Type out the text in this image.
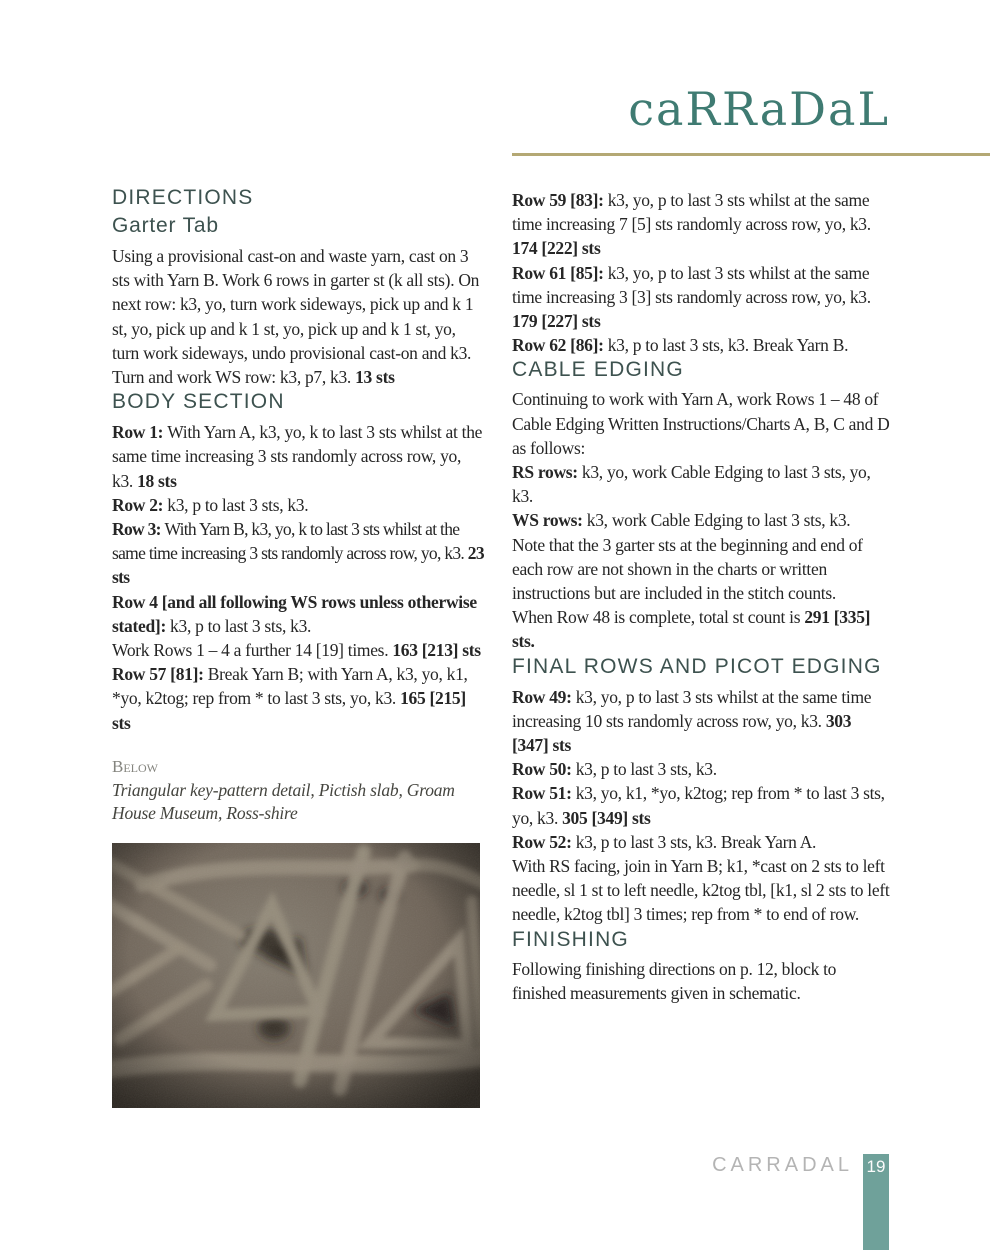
caRRaDaL
DIRECTIONS
Garter Tab

Using a provisional cast-on and waste yarn, cast on 3 sts with Yarn B. Work 6 rows in garter st (k all sts). On next row: k3, yo, turn work sideways, pick up and k 1 st, yo, pick up and k 1 st, yo, pick up and k 1 st, yo, turn work sideways, undo provisional cast-on and k3. Turn and work WS row: k3, p7, k3. 13 sts

BODY SECTION

Row 1: With Yarn A, k3, yo, k to last 3 sts whilst at the same time increasing 3 sts randomly across row, yo, k3. 18 sts

Row 2: k3, p to last 3 sts, k3.

Row 3: With Yarn B, k3, yo, k to last 3 sts whilst at the same time increasing 3 sts randomly across row, yo, k3. 23 sts

Row 4 [and all following WS rows unless otherwise stated]: k3, p to last 3 sts, k3.

Work Rows 1 – 4 a further 14 [19] times. 163 [213] sts

Row 57 [81]: Break Yarn B; with Yarn A, k3, yo, k1, *yo, k2tog; rep from * to last 3 sts, yo, k3. 165 [215] sts

Below

Triangular key-pattern detail, Pictish slab, Groam House Museum, Ross-shire

Row 59 [83]: k3, yo, p to last 3 sts whilst at the same time increasing 7 [5] sts randomly across row, yo, k3. 174 [222] sts

Row 61 [85]: k3, yo, p to last 3 sts whilst at the same time increasing 3 [3] sts randomly across row, yo, k3. 179 [227] sts

Row 62 [86]: k3, p to last 3 sts, k3. Break Yarn B.

CABLE EDGING

Continuing to work with Yarn A, work Rows 1 – 48 of Cable Edging Written Instructions/Charts A, B, C and D as follows:

RS rows: k3, yo, work Cable Edging to last 3 sts, yo, k3.

WS rows: k3, work Cable Edging to last 3 sts, k3.

Note that the 3 garter sts at the beginning and end of each row are not shown in the charts or written instructions but are included in the stitch counts.

When Row 48 is complete, total st count is 291 [335] sts.

FINAL ROWS AND PICOT EDGING

Row 49: k3, yo, p to last 3 sts whilst at the same time increasing 10 sts randomly across row, yo, k3. 303 [347] sts

Row 50: k3, p to last 3 sts, k3.

Row 51: k3, yo, k1, *yo, k2tog; rep from * to last 3 sts, yo, k3. 305 [349] sts

Row 52: k3, p to last 3 sts, k3. Break Yarn A.

With RS facing, join in Yarn B; k1, *cast on 2 sts to left needle, sl 1 st to left needle, k2tog tbl, [k1, sl 2 sts to left needle, k2tog tbl] 3 times; rep from * to end of row.

FINISHING

Following finishing directions on p. 12, block to finished measurements given in schematic.

CARRADAL 19
